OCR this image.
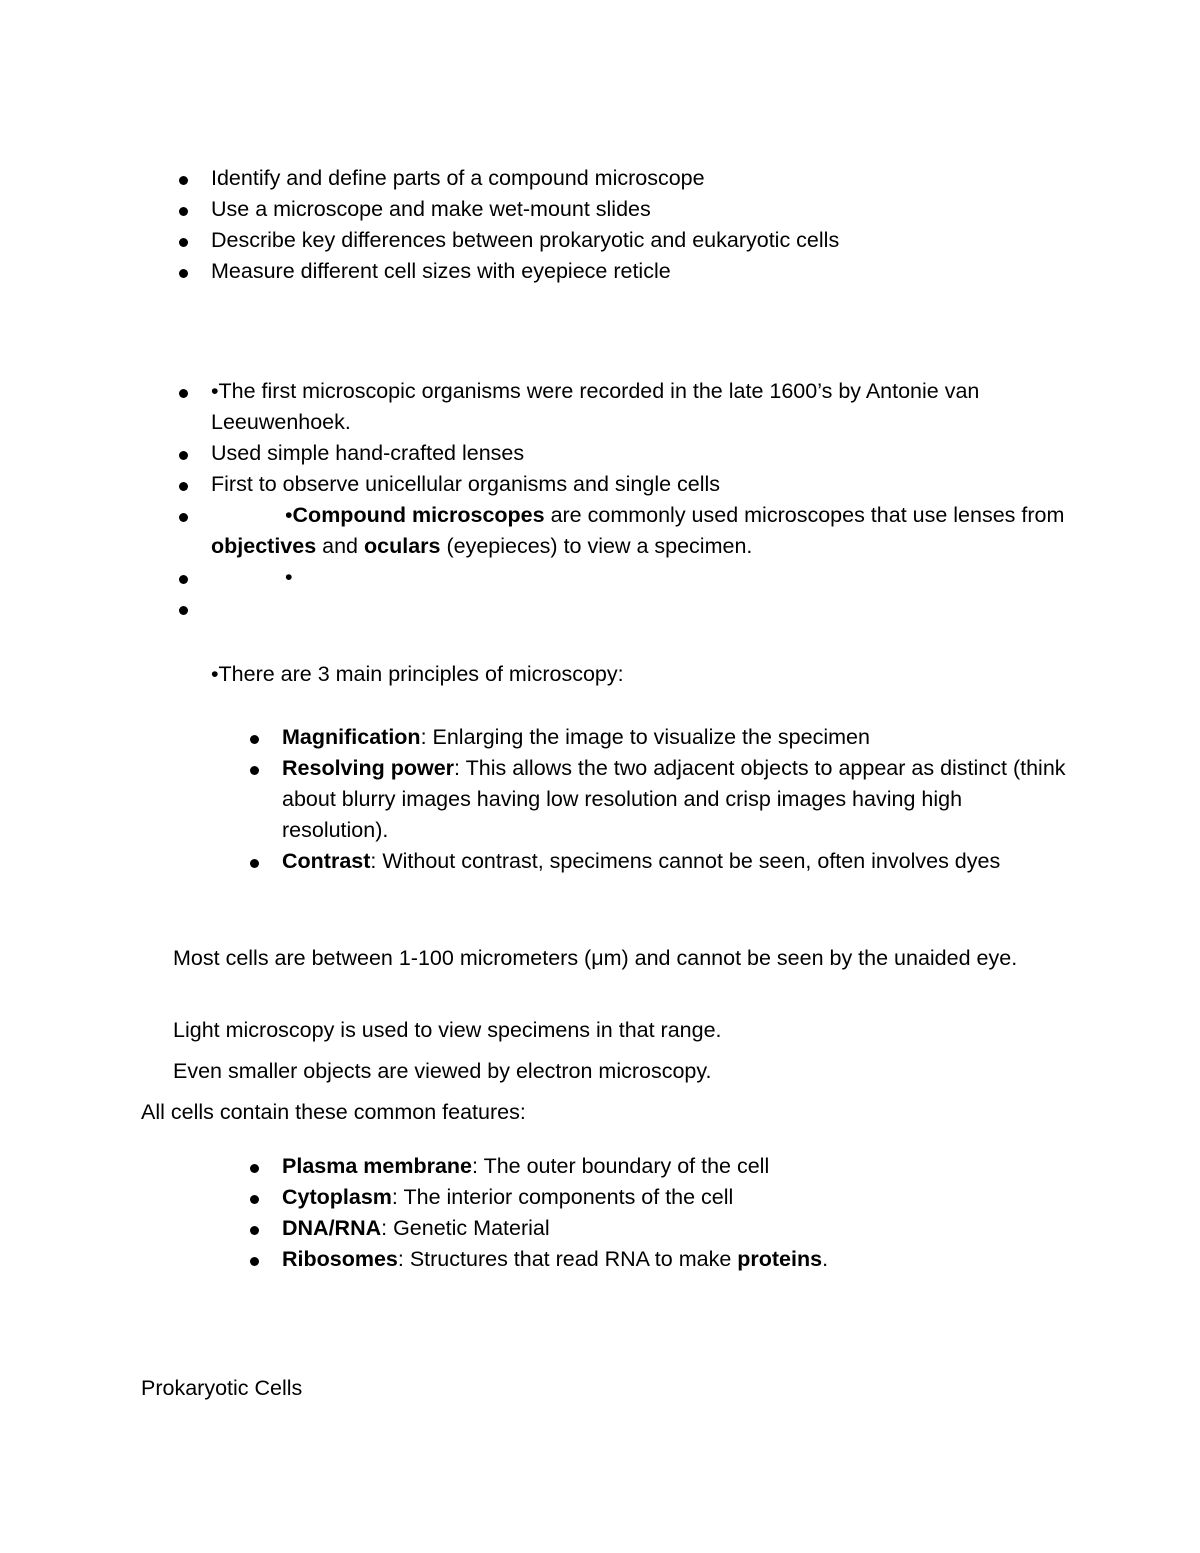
Identify and define parts of a compound microscope
Use a microscope and make wet-mount slides
Describe key differences between prokaryotic and eukaryotic cells
Measure different cell sizes with eyepiece reticle
•The first microscopic organisms were recorded in the late 1600’s by Antonie van Leeuwenhoek.
Used simple hand-crafted lenses
First to observe unicellular organisms and single cells
•Compound microscopes are commonly used microscopes that use lenses from objectives and oculars (eyepieces) to view a specimen.
•

•There are 3 main principles of microscopy:
Magnification: Enlarging the image to visualize the specimen
Resolving power: This allows the two adjacent objects to appear as distinct (think about blurry images having low resolution and crisp images having high resolution).
Contrast: Without contrast, specimens cannot be seen, often involves dyes
Most cells are between 1-100 micrometers (μm) and cannot be seen by the unaided eye.
Light microscopy is used to view specimens in that range.
Even smaller objects are viewed by electron microscopy.
All cells contain these common features:
Plasma membrane: The outer boundary of the cell
Cytoplasm: The interior components of the cell
DNA/RNA: Genetic Material
Ribosomes: Structures that read RNA to make proteins.
Prokaryotic Cells
